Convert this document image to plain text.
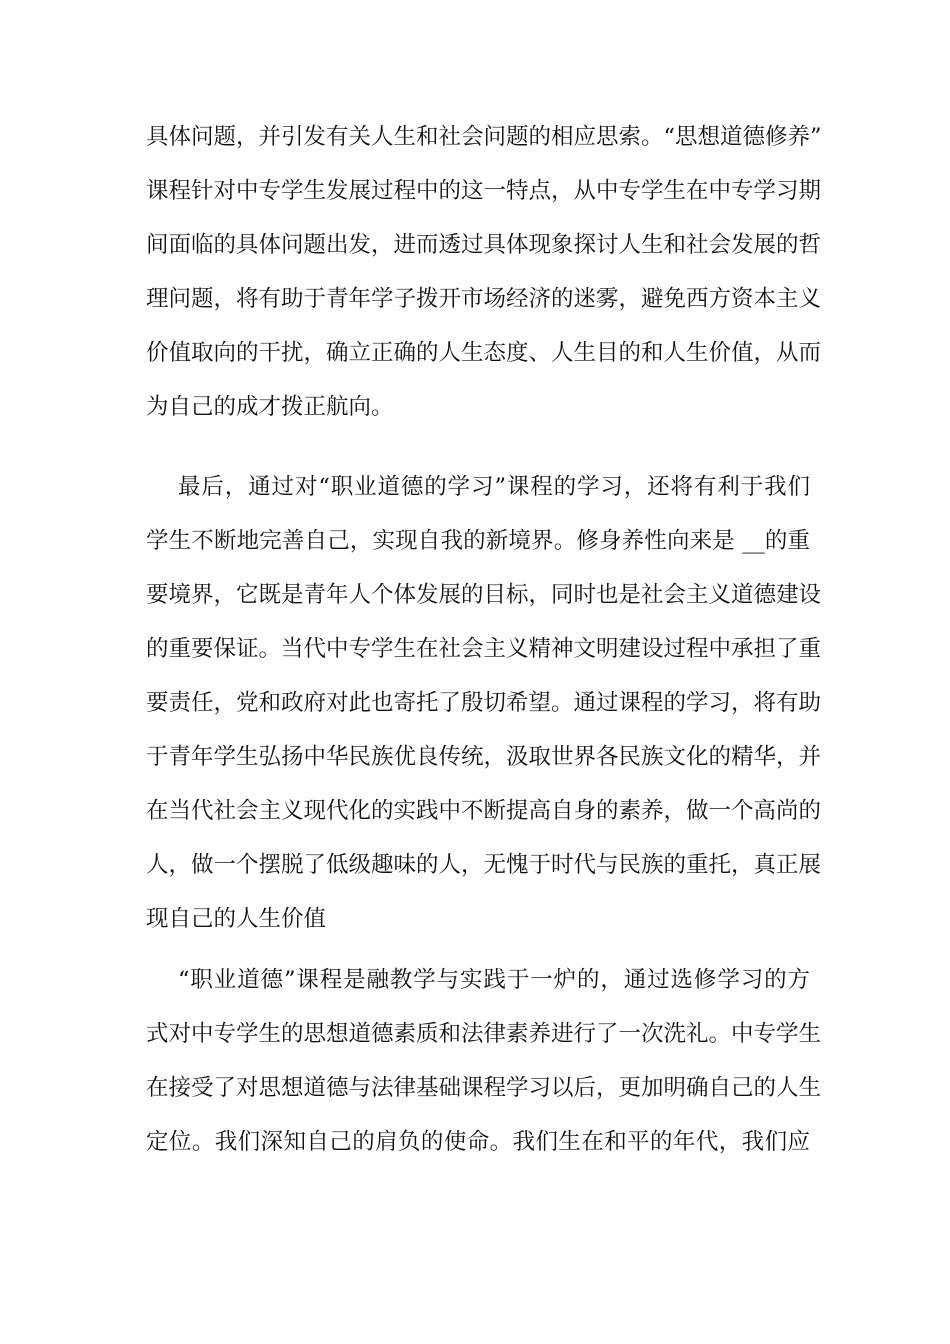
具体问题，并引发有关人生和社会问题的相应思索。“思想道德修养”
课程针对中专学生发展过程中的这一特点，从中专学生在中专学习期
间面临的具体问题出发，进而透过具体现象探讨人生和社会发展的哲
理问题，将有助于青年学子拨开市场经济的迷雾，避免西方资本主义
价值取向的干扰，确立正确的人生态度、人生目的和人生价值，从而
为自己的成才拨正航向。
最后，通过对“职业道德的学习”课程的学习，还将有利于我们
学生不断地完善自己，实现自我的新境界。修身养性向来是 __的重
要境界，它既是青年人个体发展的目标，同时也是社会主义道德建设
的重要保证。当代中专学生在社会主义精神文明建设过程中承担了重
要责任，党和政府对此也寄托了殷切希望。通过课程的学习，将有助
于青年学生弘扬中华民族优良传统，汲取世界各民族文化的精华，并
在当代社会主义现代化的实践中不断提高自身的素养，做一个高尚的
人，做一个摆脱了低级趣味的人，无愧于时代与民族的重托，真正展
现自己的人生价值
“职业道德”课程是融教学与实践于一炉的，通过选修学习的方
式对中专学生的思想道德素质和法律素养进行了一次洗礼。中专学生
在接受了对思想道德与法律基础课程学习以后，更加明确自己的人生
定位。我们深知自己的肩负的使命。我们生在和平的年代，我们应
